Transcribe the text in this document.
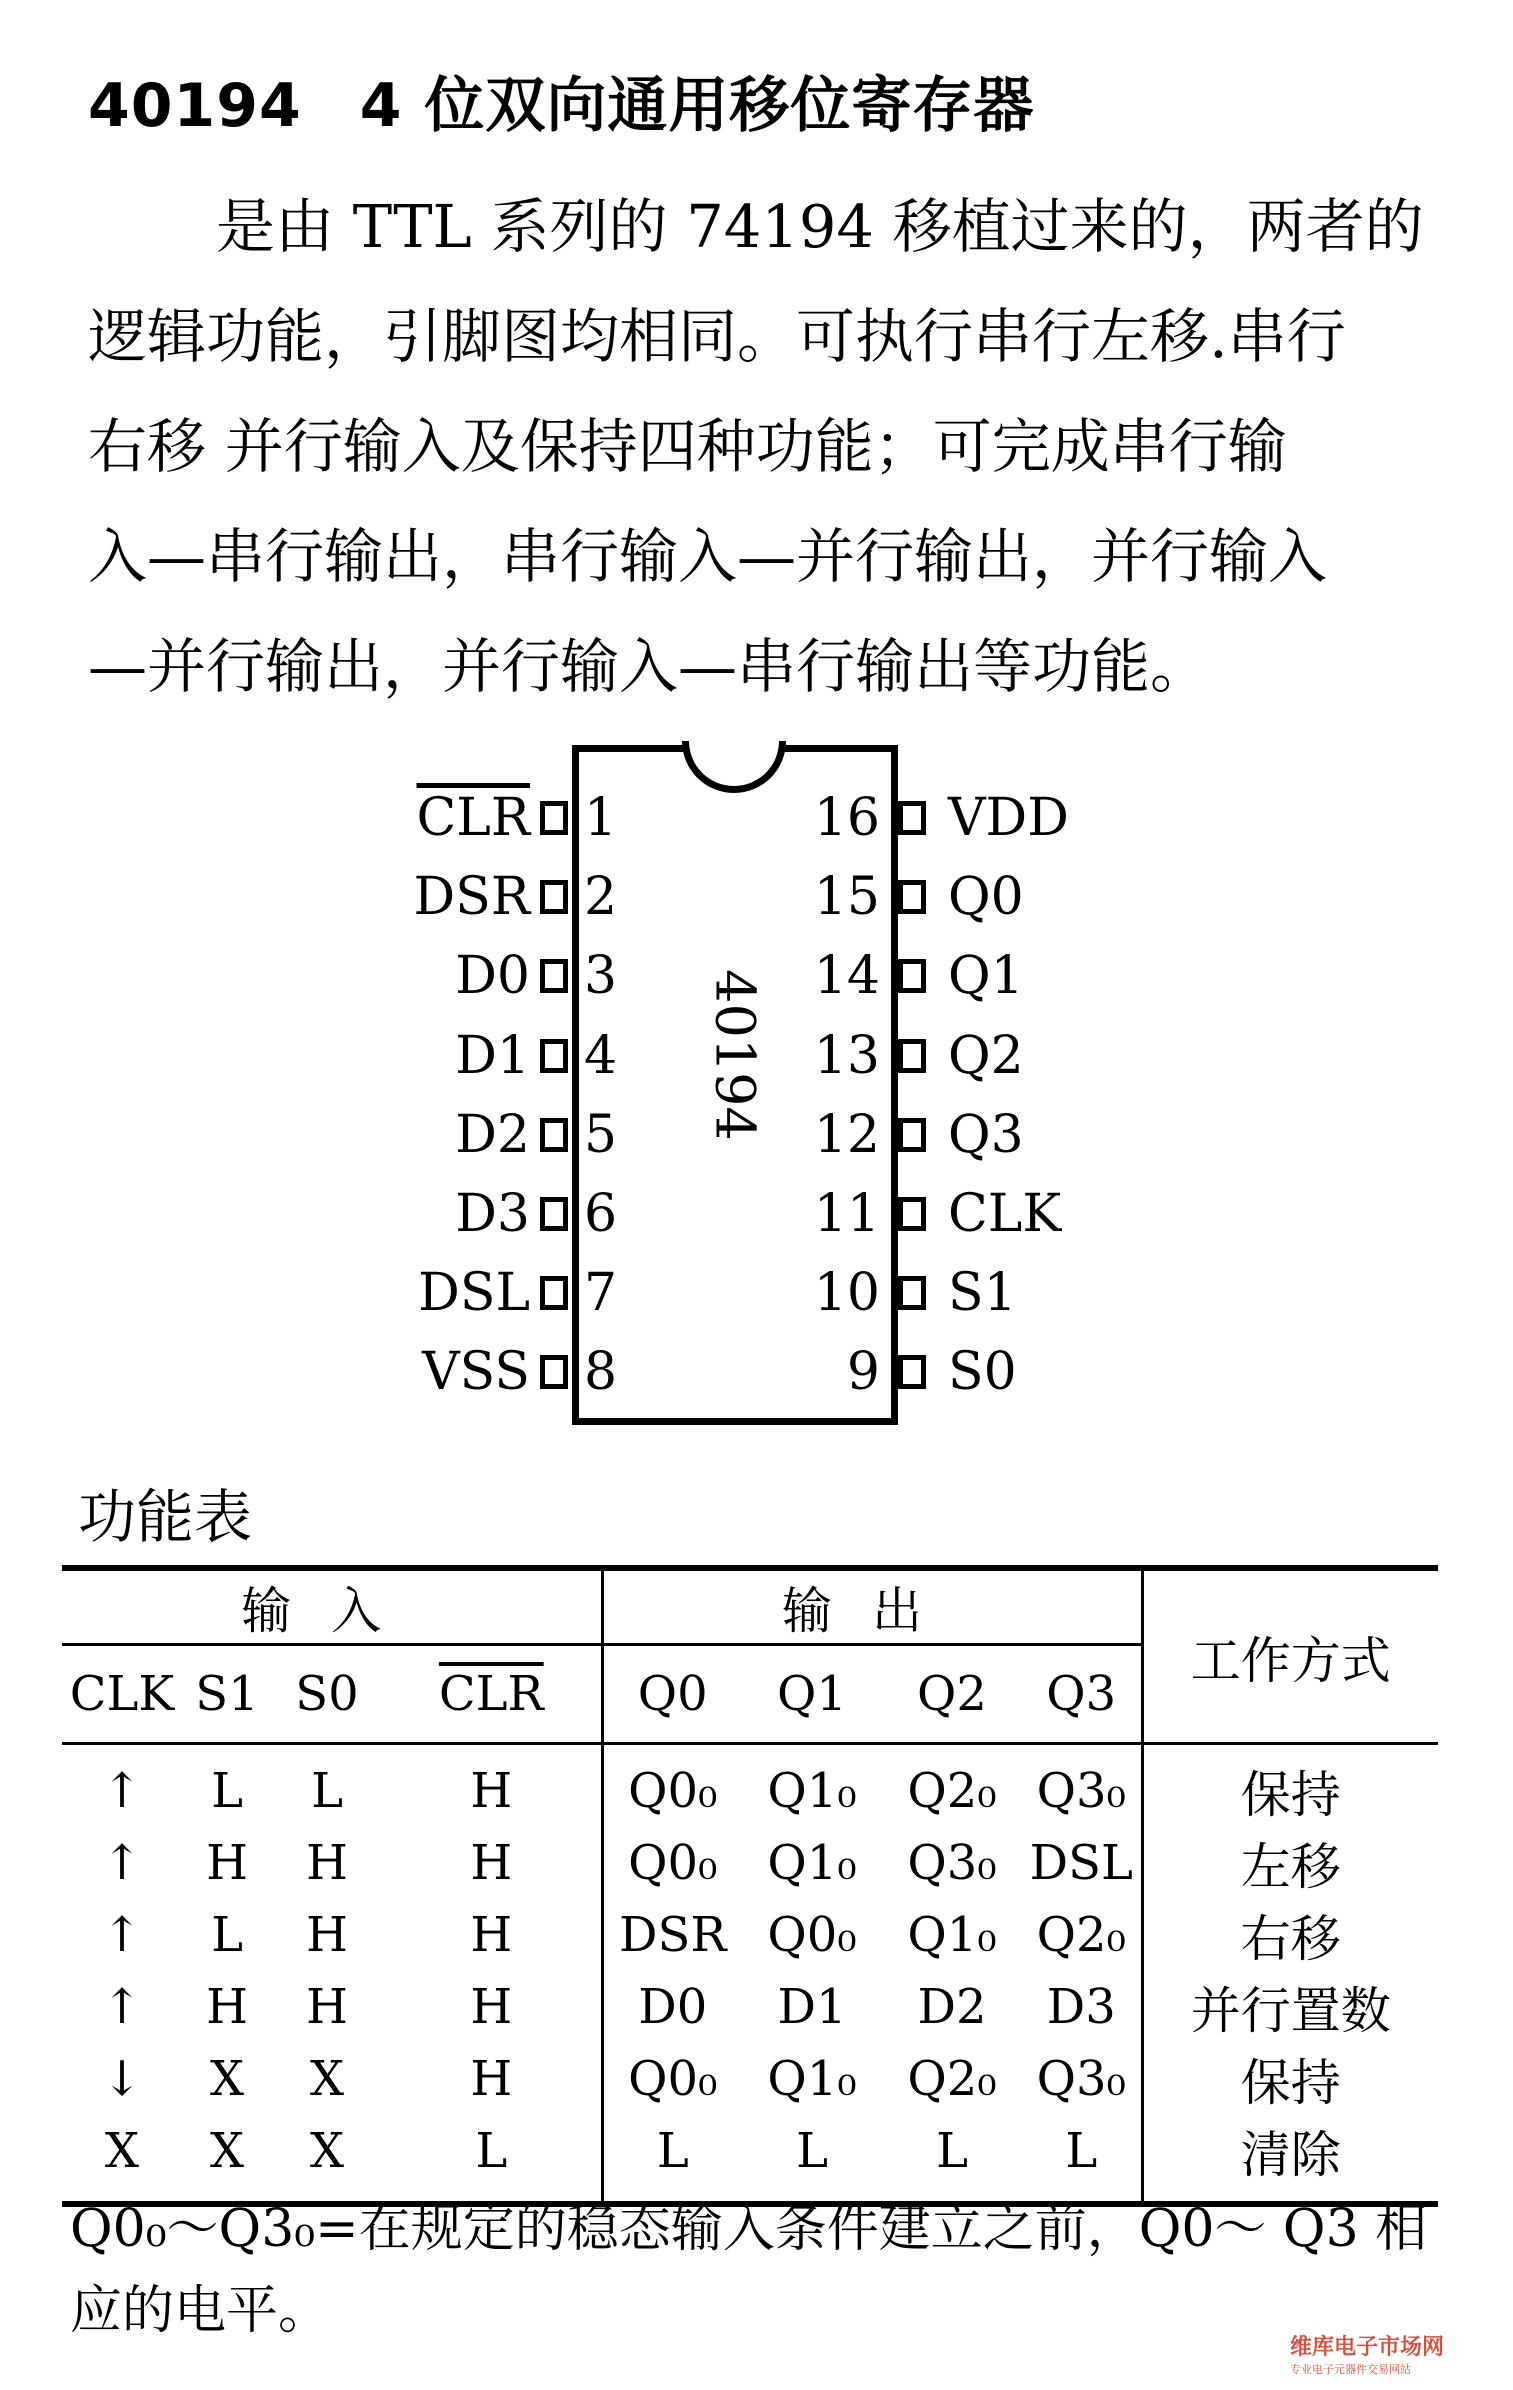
40194 4 位双向通用移位寄存器
是由 TTL 系列的 74194 移植过来的，两者的
逻辑功能，引脚图均相同。可执行串行左移.串行
右移 并行输入及保持四种功能；可完成串行输
入—串行输出，串行输入—并行输出，并行输入
—并行输出，并行输入—串行输出等功能。
40194
$\overline{CLR}$ 1
DSR 2
D0 3
D1 4
D2 5
D3 6
DSL 7
VSS 8
16 VDD
15 Q0
14 Q1
13 Q2
12 Q3
11 CLK
10 S1
9 S0
功能表
输入				输出				工作方式
CLK	S1	S0	$\overline{CLR}$	Q0	Q1	Q2	Q3	
↑	L	L	H	Q0₀	Q1₀	Q2₀	Q3₀	保持
↑	H	H	H	Q0₀	Q1₀	Q3₀	DSL	左移
↑	L	H	H	DSR	Q0₀	Q1₀	Q2₀	右移
↑	H	H	H	D0	D1	D2	D3	并行置数
↓	X	X	H	Q0₀	Q1₀	Q2₀	Q3₀	保持
X	X	X	L	L	L	L	L	清除
Q0₀～Q3₀=在规定的稳态输入条件建立之前，Q0～ Q3 相
应的电平。
维库电子市场网
专业电子元器件交易网站
